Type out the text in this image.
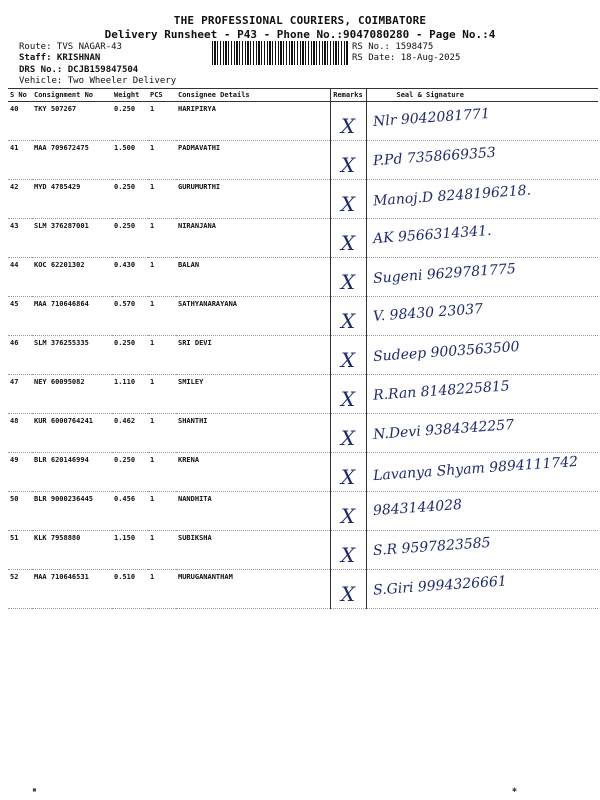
THE PROFESSIONAL COURIERS, COIMBATORE
Delivery Runsheet - P43 - Phone No.:9047080280 - Page No.:4
Route: TVS NAGAR-43
Staff: KRISHNAN
DRS No.: DCJB159847504
Vehicle: Two Wheeler Delivery
RS No.: 1598475
RS Date: 18-Aug-2025
S No	Consignment No	Weight	PCS	Consignee Details	Remarks	Seal & Signature
40	TKY 507267	0.250	1	HARIPIRYA	X	Nlr 9042081771

41	MAA 709672475	1.500	1	PADMAVATHI	X	P.Pd 7358669353

42	MYD 4785429	0.250	1	GURUMURTHI	X	Manoj.D 8248196218.

43	SLM 376287001	0.250	1	NIRANJANA	X	AK 9566314341.

44	KOC 62201302	0.430	1	BALAN	X	Sugeni 9629781775

45	MAA 710646864	0.570	1	SATHYANARAYANA	X	V. 98430 23037

46	SLM 376255335	0.250	1	SRI DEVI	X	Sudeep 9003563500

47	NEY 60095082	1.110	1	SMILEY	X	R.Ran 8148225815

48	KUR 6000764241	0.462	1	SHANTHI	X	N.Devi 9384342257

49	BLR 620146994	0.250	1	KRENA	X	Lavanya Shyam 9894111742

50	BLR 9000236445	0.456	1	NANDHITA	X	9843144028

51	KLK 7958880	1.150	1	SUBIKSHA	X	S.R 9597823585

52	MAA 710646531	0.510	1	MURUGANANTHAM	X	S.Giri 9994326661
▪	✱
